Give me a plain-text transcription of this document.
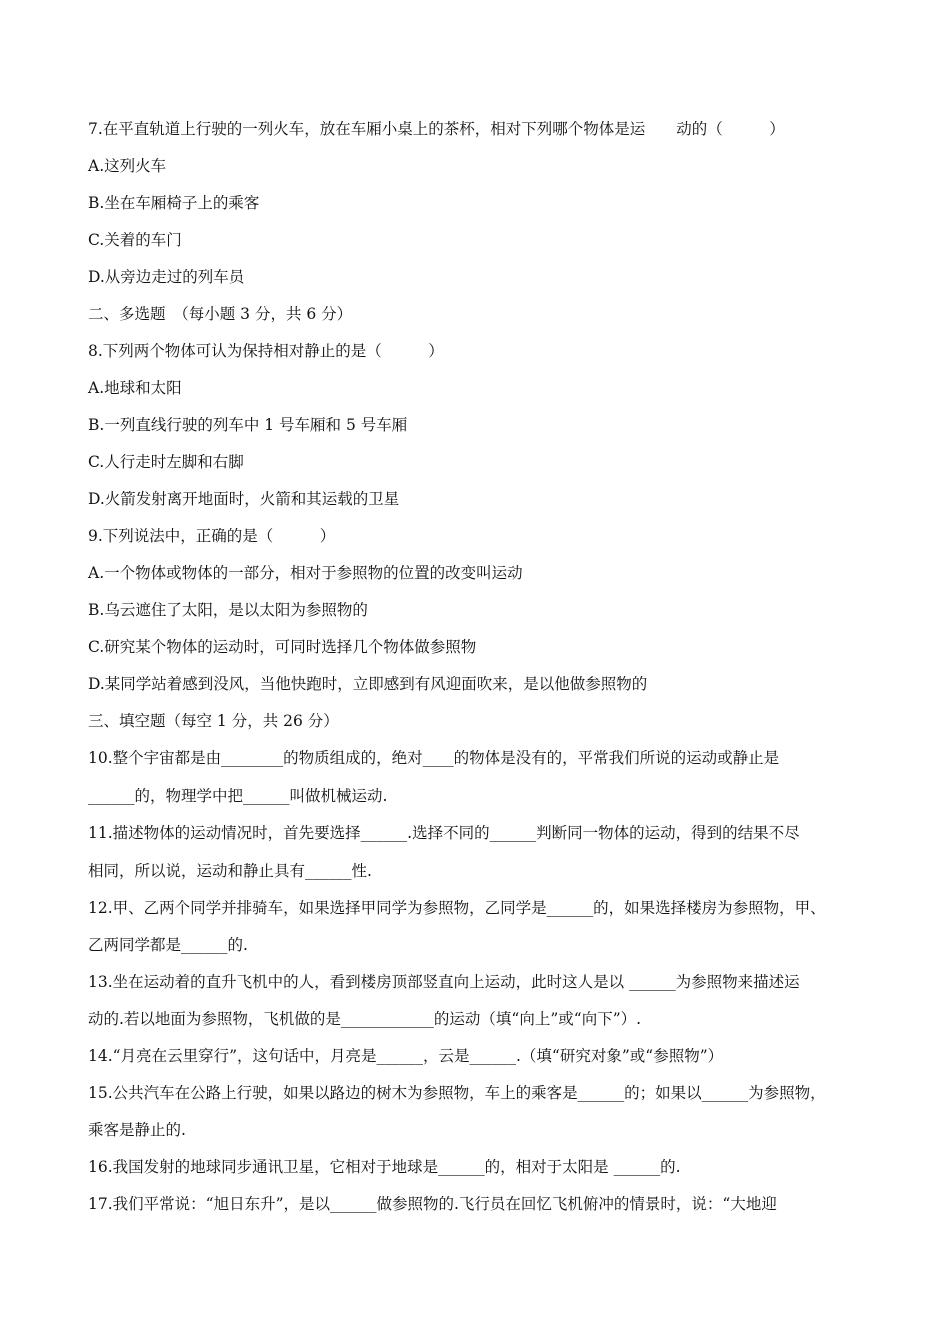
7.在平直轨道上行驶的一列火车，放在车厢小桌上的茶杯，相对下列哪个物体是运　　动的（　　　）
A.这列火车
B.坐在车厢椅子上的乘客
C.关着的车门
D.从旁边走过的列车员
二、多选题　（每小题 3 分，共 6 分）
8.下列两个物体可认为保持相对静止的是（　　　）
A.地球和太阳
B.一列直线行驶的列车中 1 号车厢和 5 号车厢
C.人行走时左脚和右脚
D.火箭发射离开地面时，火箭和其运载的卫星
9.下列说法中，正确的是（　　　）
A.一个物体或物体的一部分，相对于参照物的位置的改变叫运动
B.乌云遮住了太阳，是以太阳为参照物的
C.研究某个物体的运动时，可同时选择几个物体做参照物
D.某同学站着感到没风，当他快跑时，立即感到有风迎面吹来，是以他做参照物的
三、填空题（每空 1 分，共 26 分）
10.整个宇宙都是由________的物质组成的，绝对____的物体是没有的，平常我们所说的运动或静止是
______的，物理学中把______叫做机械运动.
11.描述物体的运动情况时，首先要选择______.选择不同的______判断同一物体的运动，得到的结果不尽
相同，所以说，运动和静止具有______性.
12.甲、乙两个同学并排骑车，如果选择甲同学为参照物，乙同学是______的，如果选择楼房为参照物，甲、
乙两同学都是______的.
13.坐在运动着的直升飞机中的人，看到楼房顶部竖直向上运动，此时这人是以 ______为参照物来描述运
动的.若以地面为参照物，飞机做的是____________的运动（填“向上”或“向下”）.
14.“月亮在云里穿行”，这句话中，月亮是______，云是______.（填“研究对象”或“参照物”）
15.公共汽车在公路上行驶，如果以路边的树木为参照物，车上的乘客是______的；如果以______为参照物，
乘客是静止的.
16.我国发射的地球同步通讯卫星，它相对于地球是______的，相对于太阳是 ______的.
17.我们平常说：“旭日东升”，是以______做参照物的.飞行员在回忆飞机俯冲的情景时，说：“大地迎
